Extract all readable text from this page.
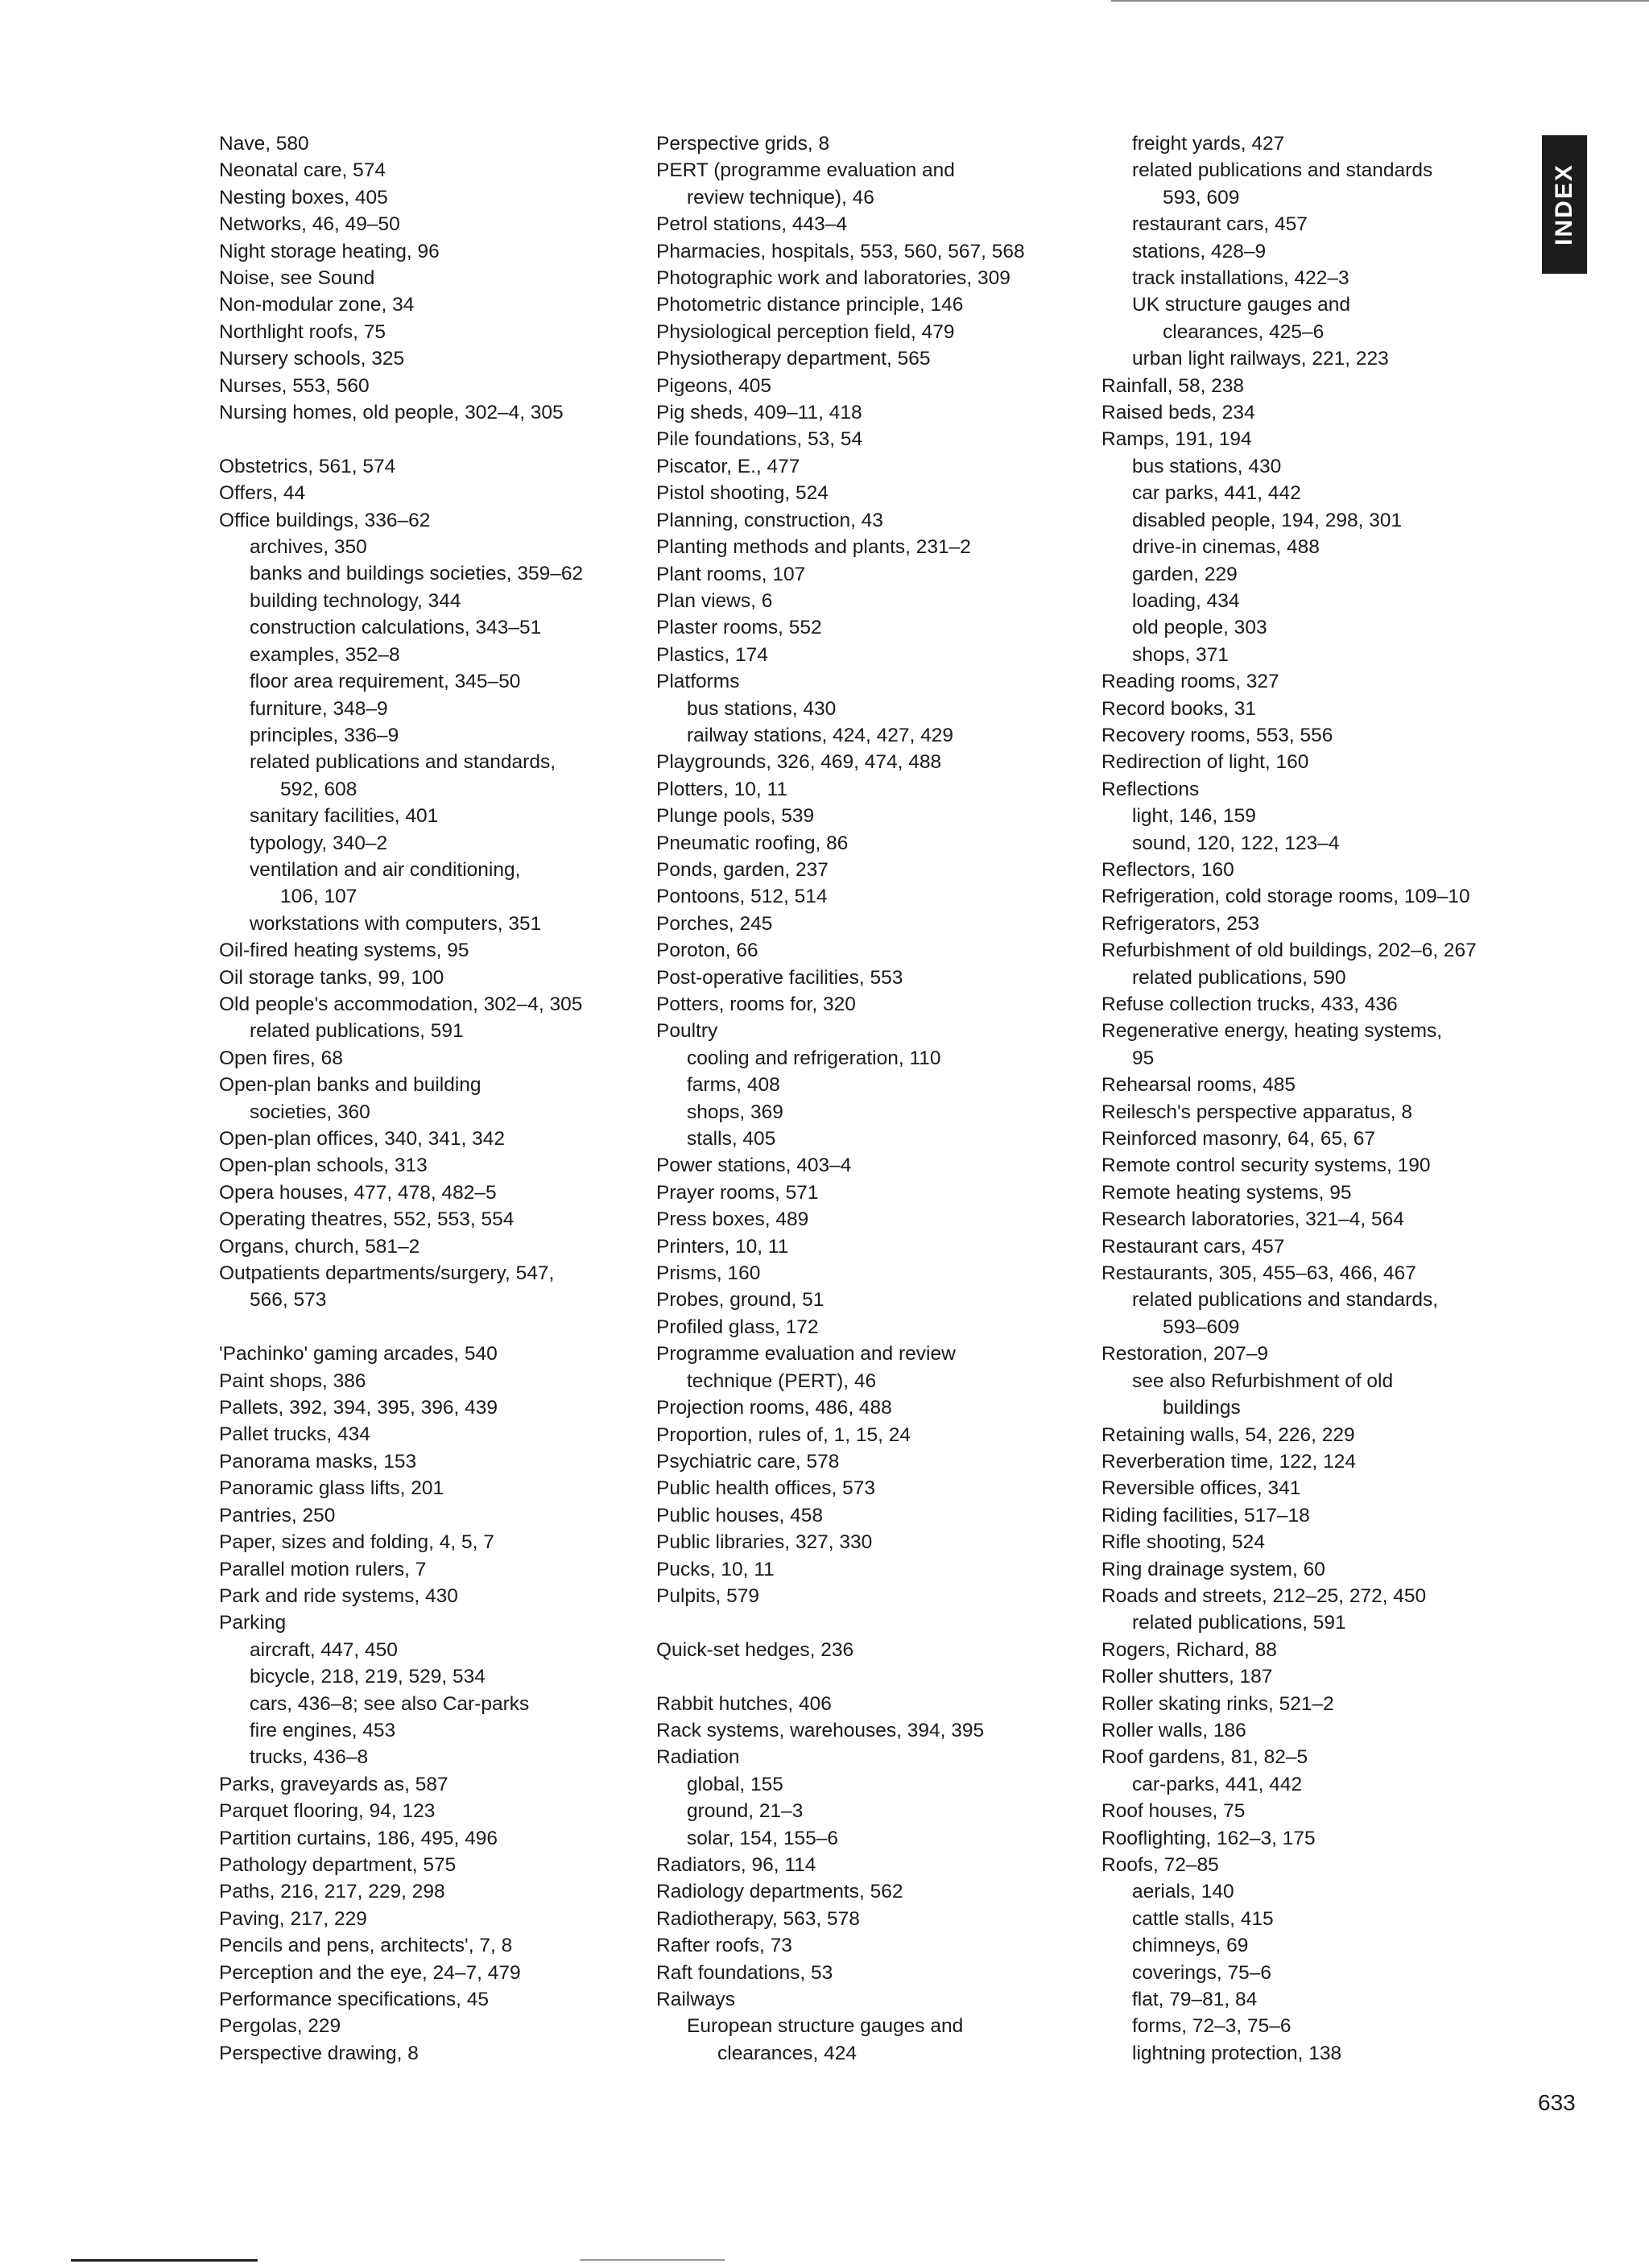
Nave, 580
Neonatal care, 574
Nesting boxes, 405
Networks, 46, 49–50
Night storage heating, 96
Noise, see Sound
Non-modular zone, 34
Northlight roofs, 75
Nursery schools, 325
Nurses, 553, 560
Nursing homes, old people, 302–4, 305
Obstetrics, 561, 574
Offers, 44
Office buildings, 336–62
archives, 350
banks and buildings societies, 359–62
building technology, 344
construction calculations, 343–51
examples, 352–8
floor area requirement, 345–50
furniture, 348–9
principles, 336–9
related publications and standards,
592, 608
sanitary facilities, 401
typology, 340–2
ventilation and air conditioning,
106, 107
workstations with computers, 351
Oil-fired heating systems, 95
Oil storage tanks, 99, 100
Old people's accommodation, 302–4, 305
related publications, 591
Open fires, 68
Open-plan banks and building
societies, 360
Open-plan offices, 340, 341, 342
Open-plan schools, 313
Opera houses, 477, 478, 482–5
Operating theatres, 552, 553, 554
Organs, church, 581–2
Outpatients departments/surgery, 547,
566, 573
'Pachinko' gaming arcades, 540
Paint shops, 386
Pallets, 392, 394, 395, 396, 439
Pallet trucks, 434
Panorama masks, 153
Panoramic glass lifts, 201
Pantries, 250
Paper, sizes and folding, 4, 5, 7
Parallel motion rulers, 7
Park and ride systems, 430
Parking
aircraft, 447, 450
bicycle, 218, 219, 529, 534
cars, 436–8; see also Car-parks
fire engines, 453
trucks, 436–8
Parks, graveyards as, 587
Parquet flooring, 94, 123
Partition curtains, 186, 495, 496
Pathology department, 575
Paths, 216, 217, 229, 298
Paving, 217, 229
Pencils and pens, architects', 7, 8
Perception and the eye, 24–7, 479
Performance specifications, 45
Pergolas, 229
Perspective drawing, 8
Perspective grids, 8
PERT (programme evaluation and
review technique), 46
Petrol stations, 443–4
Pharmacies, hospitals, 553, 560, 567, 568
Photographic work and laboratories, 309
Photometric distance principle, 146
Physiological perception field, 479
Physiotherapy department, 565
Pigeons, 405
Pig sheds, 409–11, 418
Pile foundations, 53, 54
Piscator, E., 477
Pistol shooting, 524
Planning, construction, 43
Planting methods and plants, 231–2
Plant rooms, 107
Plan views, 6
Plaster rooms, 552
Plastics, 174
Platforms
bus stations, 430
railway stations, 424, 427, 429
Playgrounds, 326, 469, 474, 488
Plotters, 10, 11
Plunge pools, 539
Pneumatic roofing, 86
Ponds, garden, 237
Pontoons, 512, 514
Porches, 245
Poroton, 66
Post-operative facilities, 553
Potters, rooms for, 320
Poultry
cooling and refrigeration, 110
farms, 408
shops, 369
stalls, 405
Power stations, 403–4
Prayer rooms, 571
Press boxes, 489
Printers, 10, 11
Prisms, 160
Probes, ground, 51
Profiled glass, 172
Programme evaluation and review
technique (PERT), 46
Projection rooms, 486, 488
Proportion, rules of, 1, 15, 24
Psychiatric care, 578
Public health offices, 573
Public houses, 458
Public libraries, 327, 330
Pucks, 10, 11
Pulpits, 579
Quick-set hedges, 236
Rabbit hutches, 406
Rack systems, warehouses, 394, 395
Radiation
global, 155
ground, 21–3
solar, 154, 155–6
Radiators, 96, 114
Radiology departments, 562
Radiotherapy, 563, 578
Rafter roofs, 73
Raft foundations, 53
Railways
European structure gauges and
clearances, 424
freight yards, 427
related publications and standards
593, 609
restaurant cars, 457
stations, 428–9
track installations, 422–3
UK structure gauges and
clearances, 425–6
urban light railways, 221, 223
Rainfall, 58, 238
Raised beds, 234
Ramps, 191, 194
bus stations, 430
car parks, 441, 442
disabled people, 194, 298, 301
drive-in cinemas, 488
garden, 229
loading, 434
old people, 303
shops, 371
Reading rooms, 327
Record books, 31
Recovery rooms, 553, 556
Redirection of light, 160
Reflections
light, 146, 159
sound, 120, 122, 123–4
Reflectors, 160
Refrigeration, cold storage rooms, 109–10
Refrigerators, 253
Refurbishment of old buildings, 202–6, 267
related publications, 590
Refuse collection trucks, 433, 436
Regenerative energy, heating systems,
95
Rehearsal rooms, 485
Reilesch's perspective apparatus, 8
Reinforced masonry, 64, 65, 67
Remote control security systems, 190
Remote heating systems, 95
Research laboratories, 321–4, 564
Restaurant cars, 457
Restaurants, 305, 455–63, 466, 467
related publications and standards,
593–609
Restoration, 207–9
see also Refurbishment of old
buildings
Retaining walls, 54, 226, 229
Reverberation time, 122, 124
Reversible offices, 341
Riding facilities, 517–18
Rifle shooting, 524
Ring drainage system, 60
Roads and streets, 212–25, 272, 450
related publications, 591
Rogers, Richard, 88
Roller shutters, 187
Roller skating rinks, 521–2
Roller walls, 186
Roof gardens, 81, 82–5
car-parks, 441, 442
Roof houses, 75
Rooflighting, 162–3, 175
Roofs, 72–85
aerials, 140
cattle stalls, 415
chimneys, 69
coverings, 75–6
flat, 79–81, 84
forms, 72–3, 75–6
lightning protection, 138
INDEX
633
